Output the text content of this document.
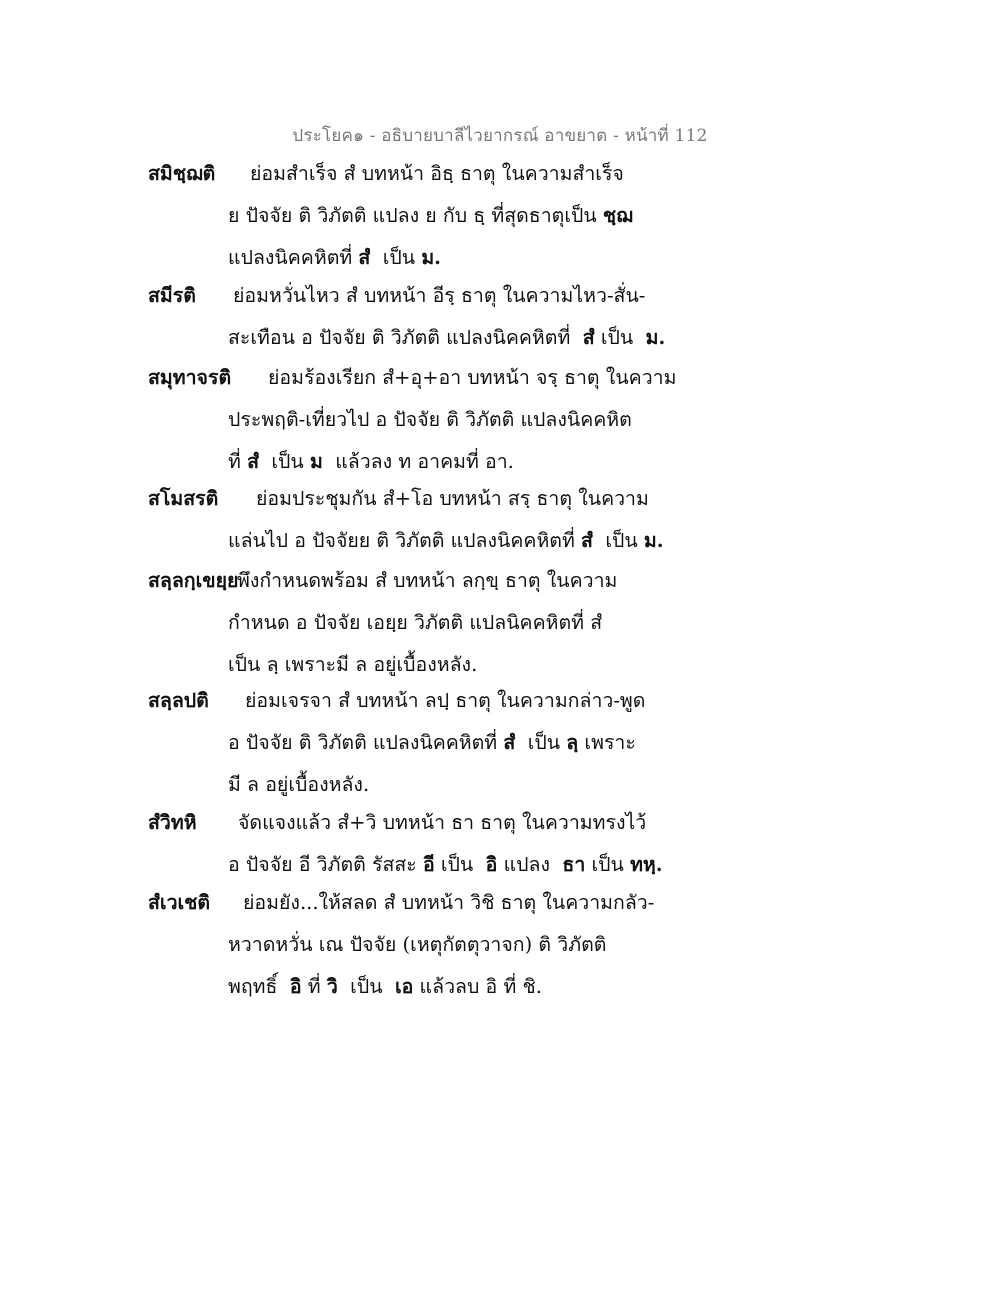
ประโยค๑ - อธิบายบาลีไวยากรณ์ อาขยาต - หน้าที่ 112
สมิชฺฌติ ย่อมสำเร็จ สํ บทหน้า อิธฺ ธาตุ ในความสำเร็จ
ย ปัจจัย ติ วิภัตติ แปลง ย กับ ธฺ ที่สุดธาตุเป็น ชฺฌ
แปลงนิคคหิตที่ สํ เป็น ม.
สมีรติ ย่อมหวั่นไหว สํ บทหน้า อีรฺ ธาตุ ในความไหว-สั่น-
สะเทือน อ ปัจจัย ติ วิภัตติ แปลงนิคคหิตที่ สํ เป็น ม.
สมุทาจรติ ย่อมร้องเรียก สํ+อุ+อา บทหน้า จรฺ ธาตุ ในความ
ประพฤติ-เที่ยวไป อ ปัจจัย ติ วิภัตติ แปลงนิคคหิต
ที่ สํ เป็น ม แล้วลง ท อาคมที่ อา.
สโมสรติ ย่อมประชุมกัน สํ+โอ บทหน้า สรฺ ธาตุ ในความ
แล่นไป อ ปัจจัยย ติ วิภัตติ แปลงนิคคหิตที่ สํ เป็น ม.
สลฺลกฺเขยฺย
พึงกำหนดพร้อม สํ บทหน้า ลกฺขฺ ธาตุ ในความ
กำหนด อ ปัจจัย เอยฺย วิภัตติ แปลนิคคหิตที่ สํ
เป็น ลฺ เพราะมี ล อยู่เบื้องหลัง.
สลฺลปติ ย่อมเจรจา สํ บทหน้า ลปฺ ธาตุ ในความกล่าว-พูด
อ ปัจจัย ติ วิภัตติ แปลงนิคคหิตที่ สํ เป็น ลฺ เพราะ
มี ล อยู่เบื้องหลัง.
สํวิทหิ จัดแจงแล้ว สํ+วิ บทหน้า ธา ธาตุ ในความทรงไว้
อ ปัจจัย อี วิภัตติ รัสสะ อี เป็น อิ แปลง ธา เป็น ทหฺ.
สํเวเชติ ย่อมยัง...ให้สลด สํ บทหน้า วิชิ ธาตุ ในความกลัว-
หวาดหวั่น เณ ปัจจัย (เหตุกัตตุวาจก) ติ วิภัตติ
พฤทธิ์ อิ ที่ วิ เป็น เอ แล้วลบ อิ ที่ ชิ.
